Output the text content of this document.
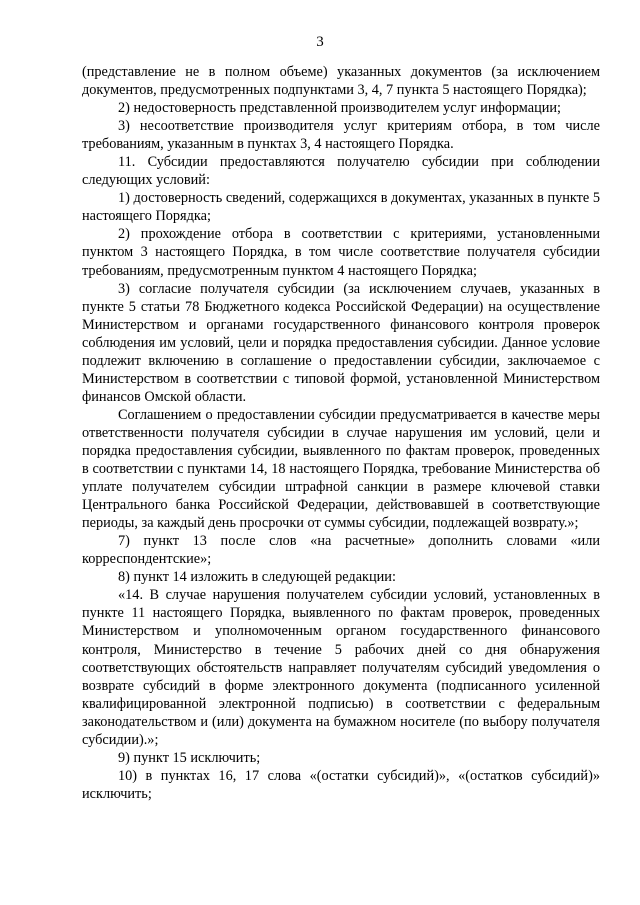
3

(представление не в полном объеме) указанных документов (за исключением документов, предусмотренных подпунктами 3, 4, 7 пункта 5 настоящего Порядка);

2) недостоверность представленной производителем услуг информации;

3) несоответствие производителя услуг критериям отбора, в том числе требованиям, указанным в пунктах 3, 4 настоящего Порядка.

11. Субсидии предоставляются получателю субсидии при соблюдении следующих условий:

1) достоверность сведений, содержащихся в документах, указанных в пункте 5 настоящего Порядка;

2) прохождение отбора в соответствии с критериями, установленными пунктом 3 настоящего Порядка, в том числе соответствие получателя субсидии требованиям, предусмотренным пунктом 4 настоящего Порядка;

3) согласие получателя субсидии (за исключением случаев, указанных в пункте 5 статьи 78 Бюджетного кодекса Российской Федерации) на осуществление Министерством и органами государственного финансового контроля проверок соблюдения им условий, цели и порядка предоставления субсидии. Данное условие подлежит включению в соглашение о предоставлении субсидии, заключаемое с Министерством в соответствии с типовой формой, установленной Министерством финансов Омской области.

Соглашением о предоставлении субсидии предусматривается в качестве меры ответственности получателя субсидии в случае нарушения им условий, цели и порядка предоставления субсидии, выявленного по фактам проверок, проведенных в соответствии с пунктами 14, 18 настоящего Порядка, требование Министерства об уплате получателем субсидии штрафной санкции в размере ключевой ставки Центрального банка Российской Федерации, действовавшей в соответствующие периоды, за каждый день просрочки от суммы субсидии, подлежащей возврату.»;

7) пункт 13 после слов «на расчетные» дополнить словами «или корреспондентские»;

8) пункт 14 изложить в следующей редакции:

«14. В случае нарушения получателем субсидии условий, установленных в пункте 11 настоящего Порядка, выявленного по фактам проверок, проведенных Министерством и уполномоченным органом государственного финансового контроля, Министерство в течение 5 рабочих дней со дня обнаружения соответствующих обстоятельств направляет получателям субсидий уведомления о возврате субсидий в форме электронного документа (подписанного усиленной квалифицированной электронной подписью) в соответствии с федеральным законодательством и (или) документа на бумажном носителе (по выбору получателя субсидии).»;

9) пункт 15 исключить;

10) в пунктах 16, 17 слова «(остатки субсидий)», «(остатков субсидий)» исключить;
